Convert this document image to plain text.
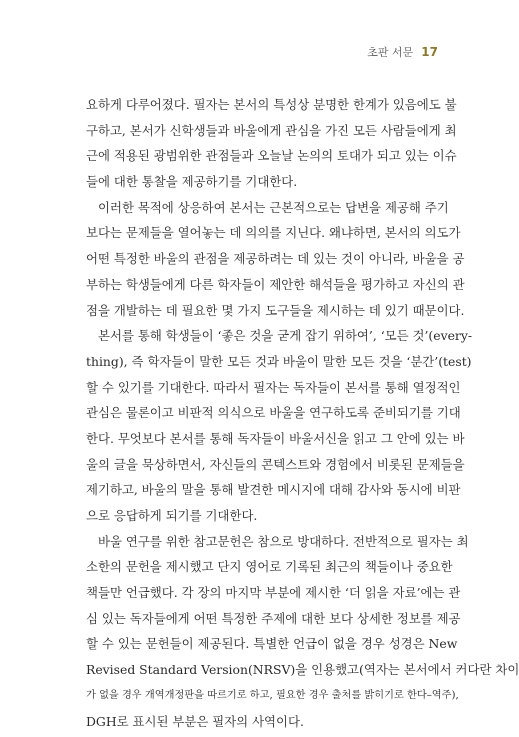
초판 서문 17
요하게 다루어졌다. 필자는 본서의 특성상 분명한 한계가 있음에도 불
구하고, 본서가 신학생들과 바울에게 관심을 가진 모든 사람들에게 최
근에 적용된 광범위한 관점들과 오늘날 논의의 토대가 되고 있는 이슈
들에 대한 통찰을 제공하기를 기대한다.
이러한 목적에 상응하여 본서는 근본적으로는 답변을 제공해 주기
보다는 문제들을 열어놓는 데 의의를 지닌다. 왜냐하면, 본서의 의도가
어떤 특정한 바울의 관점을 제공하려는 데 있는 것이 아니라, 바울을 공
부하는 학생들에게 다른 학자들이 제안한 해석들을 평가하고 자신의 관
점을 개발하는 데 필요한 몇 가지 도구들을 제시하는 데 있기 때문이다.
본서를 통해 학생들이 ‘좋은 것을 굳게 잡기 위하여’, ‘모든 것’(every-
thing), 즉 학자들이 말한 모든 것과 바울이 말한 모든 것을 ‘분간’(test)
할 수 있기를 기대한다. 따라서 필자는 독자들이 본서를 통해 열정적인
관심은 물론이고 비판적 의식으로 바울을 연구하도록 준비되기를 기대
한다. 무엇보다 본서를 통해 독자들이 바울서신을 읽고 그 안에 있는 바
울의 글을 묵상하면서, 자신들의 콘텍스트와 경험에서 비롯된 문제들을
제기하고, 바울의 말을 통해 발견한 메시지에 대해 감사와 동시에 비판
으로 응답하게 되기를 기대한다.
바울 연구를 위한 참고문헌은 참으로 방대하다. 전반적으로 필자는 최
소한의 문헌을 제시했고 단지 영어로 기록된 최근의 책들이나 중요한
책들만 언급했다. 각 장의 마지막 부분에 제시한 ‘더 읽을 자료’에는 관
심 있는 독자들에게 어떤 특정한 주제에 대한 보다 상세한 정보를 제공
할 수 있는 문헌들이 제공된다. 특별한 언급이 없을 경우 성경은 New
Revised Standard Version(NRSV)을 인용했고(역자는 본서에서 커다란 차이
가 없을 경우 개역개정판을 따르기로 하고, 필요한 경우 출처를 밝히기로 한다–역주),
DGH로 표시된 부분은 필자의 사역이다.
